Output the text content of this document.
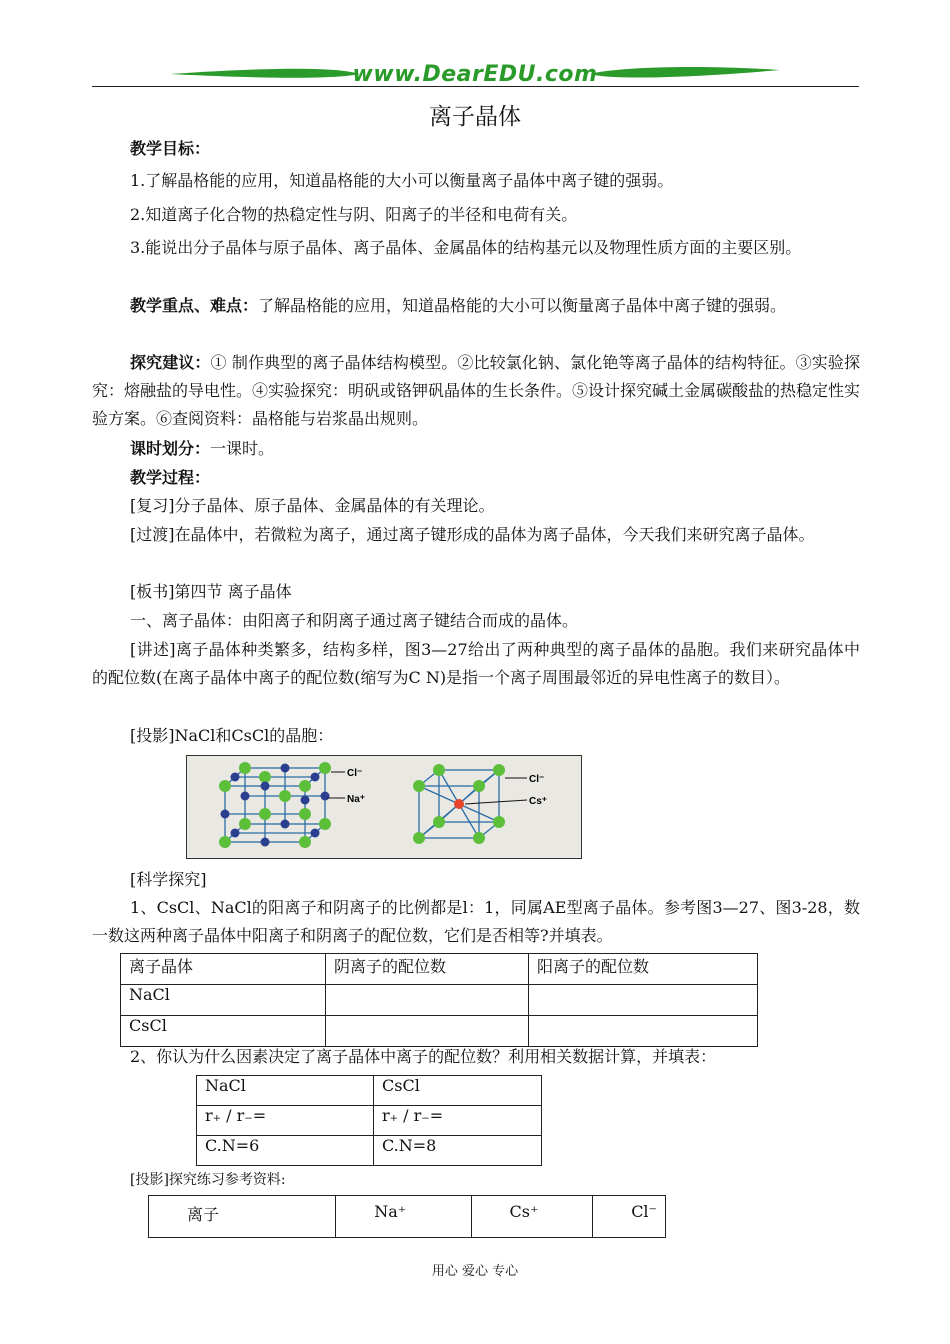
www.DearEDU.com
离子晶体
教学目标：
1.了解晶格能的应用，知道晶格能的大小可以衡量离子晶体中离子键的强弱。
2.知道离子化合物的热稳定性与阴、阳离子的半径和电荷有关。
3.能说出分子晶体与原子晶体、离子晶体、金属晶体的结构基元以及物理性质方面的主要区别。
教学重点、难点：了解晶格能的应用，知道晶格能的大小可以衡量离子晶体中离子键的强弱。
探究建议：① 制作典型的离子晶体结构模型。②比较氯化钠、氯化铯等离子晶体的结构特征。③实验探究：熔融盐的导电性。④实验探究：明矾或铬钾矾晶体的生长条件。⑤设计探究碱土金属碳酸盐的热稳定性实验方案。⑥查阅资料：晶格能与岩浆晶出规则。
课时划分：一课时。
教学过程：
[复习]分子晶体、原子晶体、金属晶体的有关理论。
[过渡]在晶体中，若微粒为离子，通过离子键形成的晶体为离子晶体，今天我们来研究离子晶体。
[板书]第四节 离子晶体
一、离子晶体：由阳离子和阴离子通过离子键结合而成的晶体。
[讲述]离子晶体种类繁多，结构多样，图3—27给出了两种典型的离子晶体的晶胞。我们来研究晶体中的配位数(在离子晶体中离子的配位数(缩写为C N)是指一个离子周围最邻近的异电性离子的数目）。
[投影]NaCl和CsCl的晶胞：
Cl⁻
Na⁺
Cl⁻
Cs⁺
[科学探究]
1、CsCl、NaCl的阳离子和阴离子的比例都是l：1，同属AE型离子晶体。参考图3—27、图3-28，数一数这两种离子晶体中阳离子和阴离子的配位数，它们是否相等?并填表。
离子晶体	阴离子的配位数	阳离子的配位数
NaCl		
CsCl		
2、你认为什么因素决定了离子晶体中离子的配位数？利用相关数据计算，并填表：
NaCl	CsCl
r₊ / r₋=	r₊ / r₋=
C.N=6	C.N=8
[投影]探究练习参考资料:
离子	Na⁺	Cs⁺	Cl⁻
用心 爱心 专心
